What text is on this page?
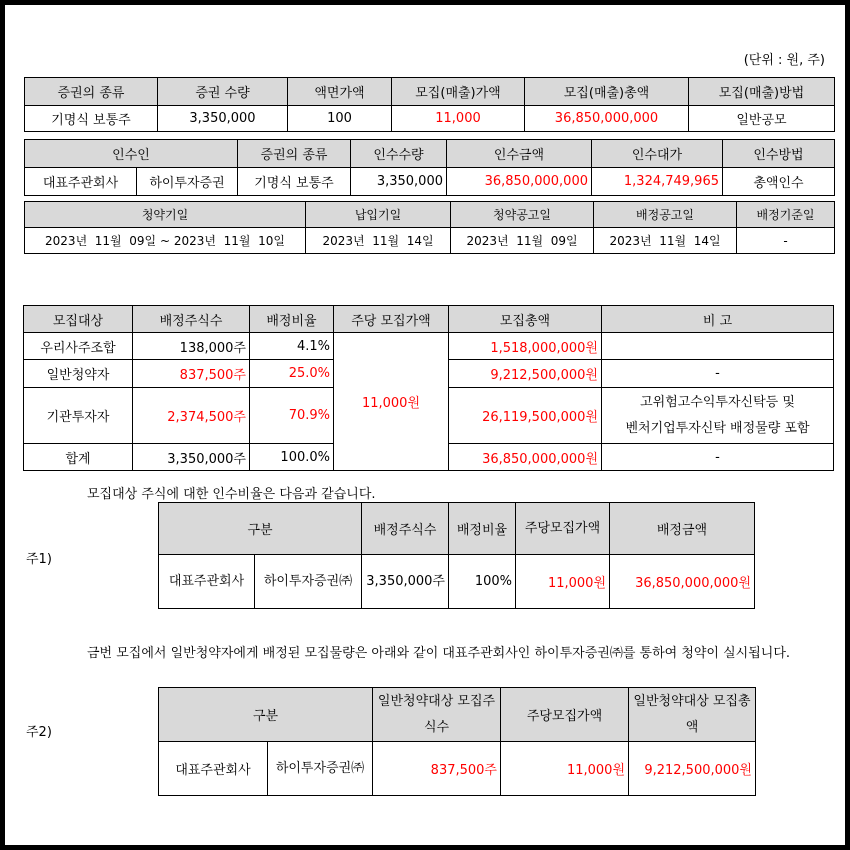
(단위 : 원, 주)
증권의 종류	증권 수량	액면가액	모집(매출)가액	모집(매출)총액	모집(매출)방법
기명식 보통주	3,350,000	100	11,000	36,850,000,000	일반공모
인수인		증권의 종류	인수수량	인수금액	인수대가	인수방법
대표주관회사	하이투자증권	기명식 보통주	3,350,000	36,850,000,000	1,324,749,965	총액인수
청약기일	납입기일	청약공고일	배정공고일	배정기준일
2023년  11월  09일 ~ 2023년  11월  10일	2023년  11월  14일	2023년  11월  09일	2023년  11월  14일	-
모집대상	배정주식수	배정비율	주당 모집가액	모집총액	비 고
우리사주조합	138,000주	4.1%	11,000원	1,518,000,000원	
일반청약자	837,500주	25.0%		9,212,500,000원	-
기관투자자	2,374,500주	70.9%		26,119,500,000원	고위험고수익투자신탁등 및
벤처기업투자신탁 배정물량 포함

합계	3,350,000주	100.0%		36,850,000,000원	-
모집대상 주식에 대한 인수비율은 다음과 같습니다.
주1)
구분		배정주식수	배정비율	주당모집가액	배정금액
대표주관회사	하이투자증권㈜	3,350,000주	100%	11,000원	36,850,000,000원
금번 모집에서 일반청약자에게 배정된 모집물량은 아래와 같이 대표주관회사인 하이투자증권㈜를 통하여 청약이 실시됩니다.
주2)
구분		일반청약대상 모집주식수	주당모집가액	일반청약대상 모집총액
대표주관회사	하이투자증권㈜	837,500주	11,000원	9,212,500,000원
